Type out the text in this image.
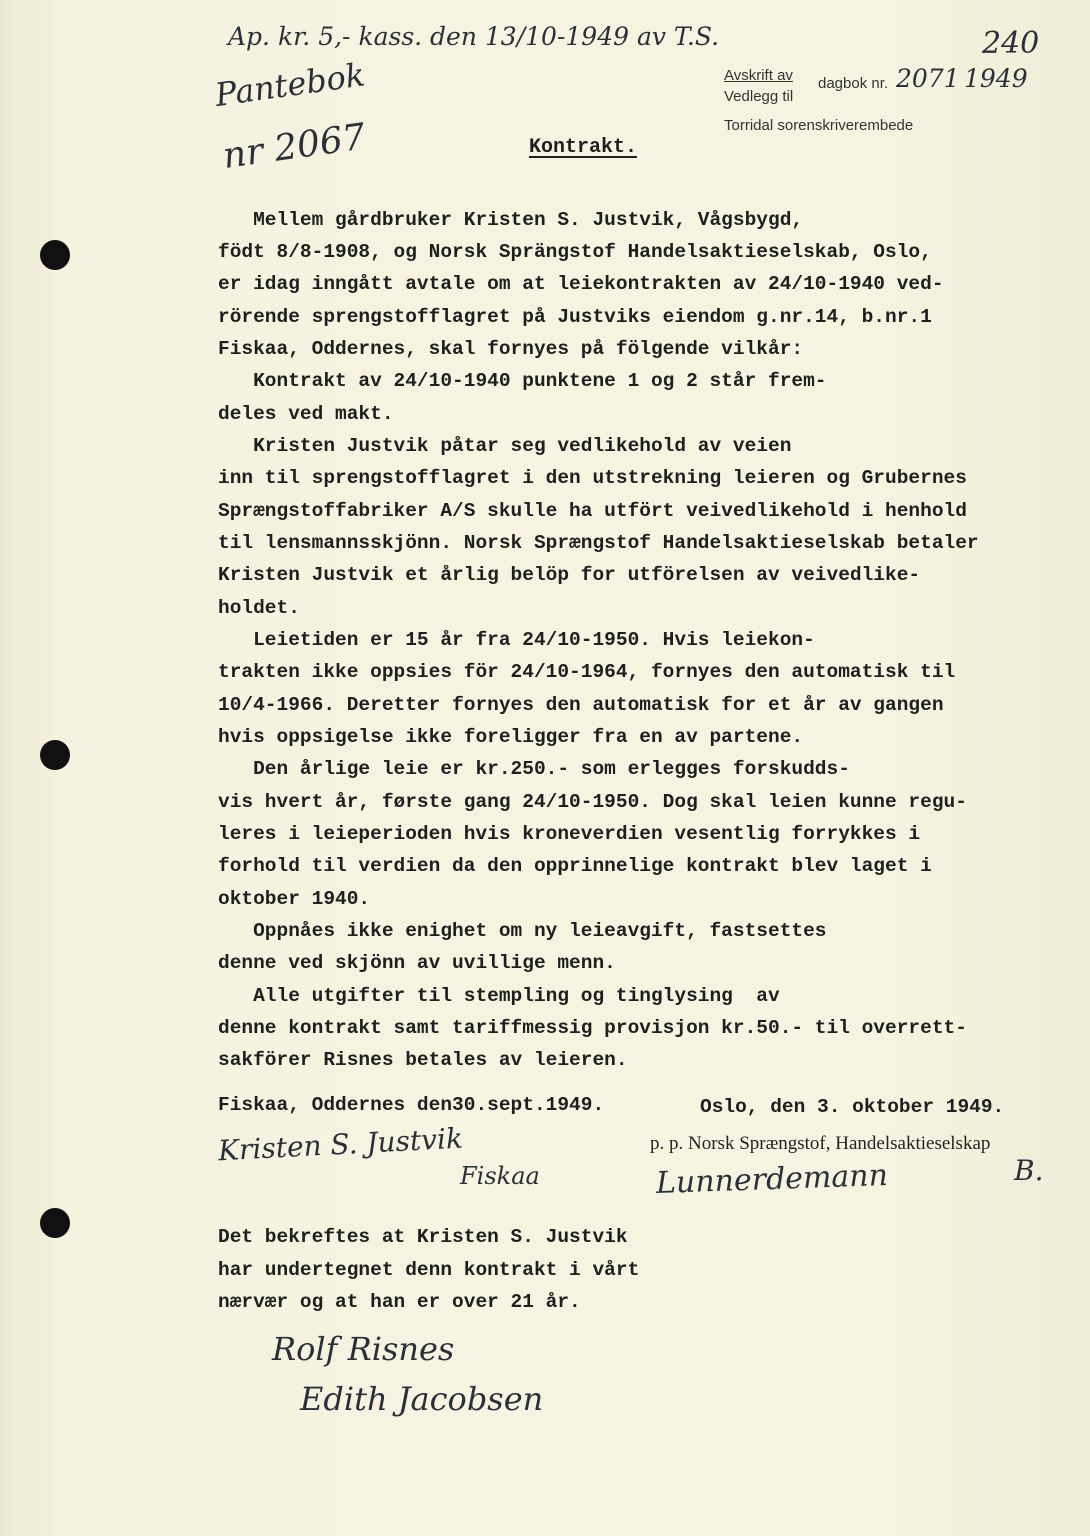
Ap. kr. 5,- kass. den 13/10-1949 av T.S.	240
Pantebok
nr 2067
Avskrift av dagbok nr. 2071 1949
Vedlegg til
Torridal sorenskriverembede
Kontrakt.
Mellem gårdbruker Kristen S. Justvik, Vågsbygd,
födt 8/8-1908, og Norsk Sprängstof Handelsaktieselskab, Oslo,
er idag inngått avtale om at leiekontrakten av 24/10-1940 ved-
rörende sprengstofflagret på Justviks eiendom g.nr.14, b.nr.1
Fiskaa, Oddernes, skal fornyes på fölgende vilkår:
Kontrakt av 24/10-1940 punktene 1 og 2 står frem-
deles ved makt.
Kristen Justvik påtar seg vedlikehold av veien
inn til sprengstofflagret i den utstrekning leieren og Grubernes
Sprængstoffabriker A/S skulle ha utfört veivedlikehold i henhold
til lensmannsskjönn. Norsk Sprængstof Handelsaktieselskab betaler
Kristen Justvik et årlig belöp for utförelsen av veivedlike-
holdet.
Leietiden er 15 år fra 24/10-1950. Hvis leiekon-
trakten ikke oppsies för 24/10-1964, fornyes den automatisk til
10/4-1966. Deretter fornyes den automatisk for et år av gangen
hvis oppsigelse ikke foreligger fra en av partene.
Den årlige leie er kr.250.- som erlegges forskudds-
vis hvert år, første gang 24/10-1950. Dog skal leien kunne regu-
leres i leieperioden hvis kroneverdien vesentlig forrykkes i
forhold til verdien da den opprinnelige kontrakt blev laget i
oktober 1940.
Oppnåes ikke enighet om ny leieavgift, fastsettes
denne ved skjönn av uvillige menn.
Alle utgifter til stempling og tinglysing  av
denne kontrakt samt tariffmessig provisjon kr.50.- til overrett-
sakförer Risnes betales av leieren.
Fiskaa, Oddernes den30.sept.1949.	Oslo, den 3. oktober 1949.
Kristen S. Justvik
Fiskaa
p. p. Norsk Sprængstof, Handelsaktieselskap
Lunnerdemann	B.
Det bekreftes at Kristen S. Justvik
har undertegnet denn kontrakt i vårt
nærvær og at han er over 21 år.
Rolf Risnes
Edith Jacobsen
